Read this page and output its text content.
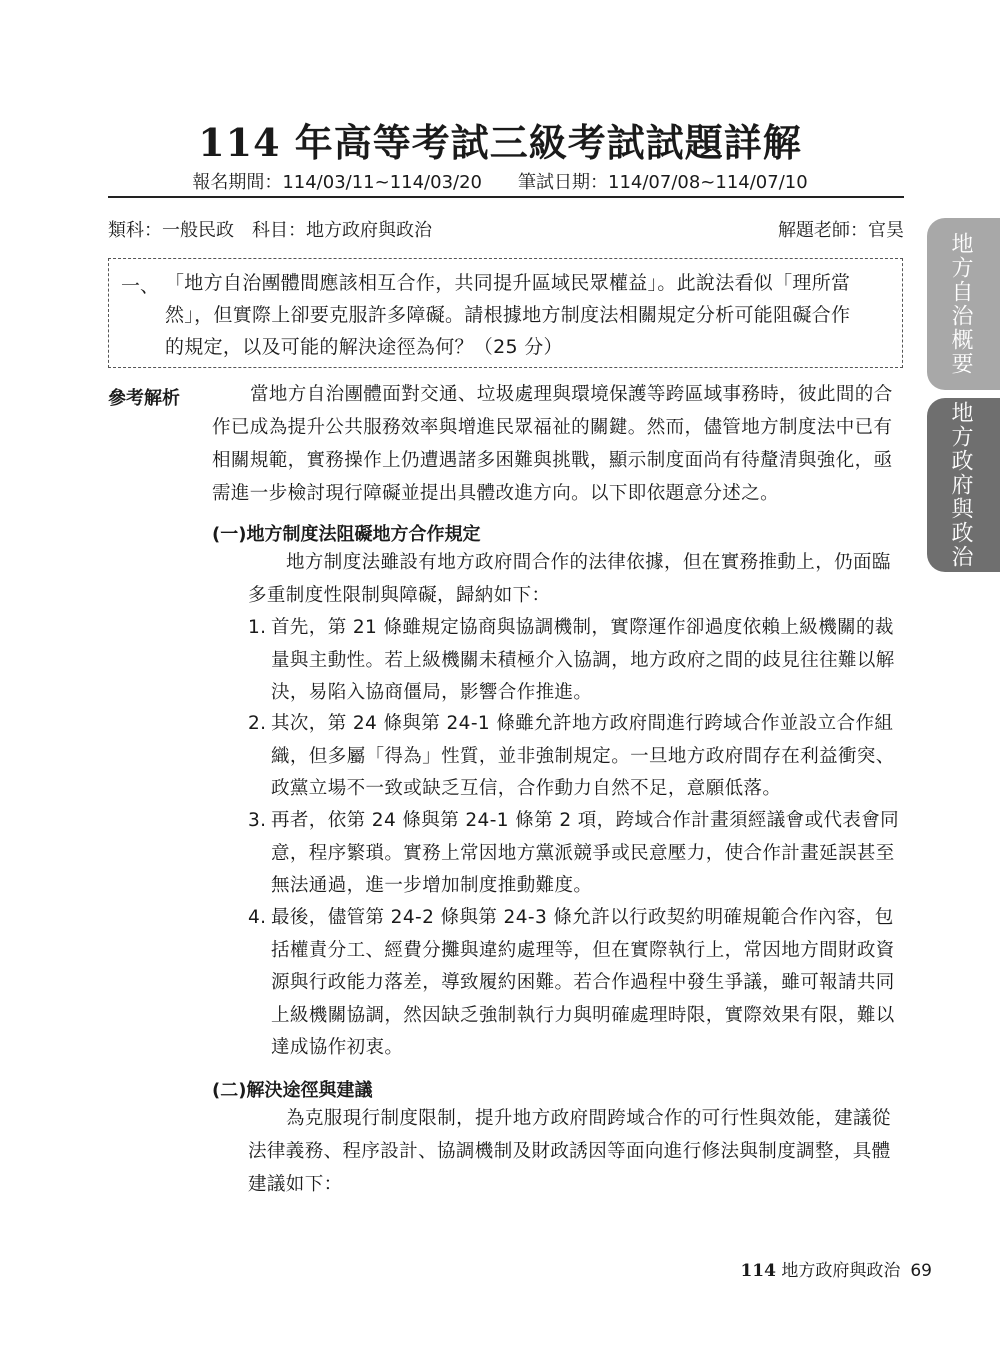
114 年高等考試三級考試試題詳解
報名期間：114/03/11~114/03/20　　筆試日期：114/07/08~114/07/10
類科：一般民政　科目：地方政府與政治	解題老師：官昊
一、 「地方自治團體間應該相互合作，共同提升區域民眾權益」。此說法看似「理所當
然」，但實際上卻要克服許多障礙。請根據地方制度法相關規定分析可能阻礙合作
的規定，以及可能的解決途徑為何？（25 分）

參考解析	當地方自治團體面對交通、垃圾處理與環境保護等跨區域事務時，彼此間的合作已成為提升公共服務效率與增進民眾福祉的關鍵。然而，儘管地方制度法中已有相關規範，實務操作上仍遭遇諸多困難與挑戰，顯示制度面尚有待釐清與強化，亟需進一步檢討現行障礙並提出具體改進方向。以下即依題意分述之。

(一)地方制度法阻礙地方合作規定

地方制度法雖設有地方政府間合作的法律依據，但在實務推動上，仍面臨多重制度性限制與障礙，歸納如下：

1. 首先，第 21 條雖規定協商與協調機制，實際運作卻過度依賴上級機關的裁量與主動性。若上級機關未積極介入協調，地方政府之間的歧見往往難以解決，易陷入協商僵局，影響合作推進。
2. 其次，第 24 條與第 24-1 條雖允許地方政府間進行跨域合作並設立合作組織，但多屬「得為」性質，並非強制規定。一旦地方政府間存在利益衝突、政黨立場不一致或缺乏互信，合作動力自然不足，意願低落。
3. 再者，依第 24 條與第 24-1 條第 2 項，跨域合作計畫須經議會或代表會同意，程序繁瑣。實務上常因地方黨派競爭或民意壓力，使合作計畫延誤甚至無法通過，進一步增加制度推動難度。
4. 最後，儘管第 24-2 條與第 24-3 條允許以行政契約明確規範合作內容，包括權責分工、經費分攤與違約處理等，但在實際執行上，常因地方間財政資源與行政能力落差，導致履約困難。若合作過程中發生爭議，雖可報請共同上級機關協調，然因缺乏強制執行力與明確處理時限，實際效果有限，難以達成協作初衷。
(二)解決途徑與建議

為克服現行制度限制，提升地方政府間跨域合作的可行性與效能，建議從法律義務、程序設計、協調機制及財政誘因等面向進行修法與制度調整，具體建議如下：

地方自治概要
地方政府與政治
114 地方政府與政治 69
